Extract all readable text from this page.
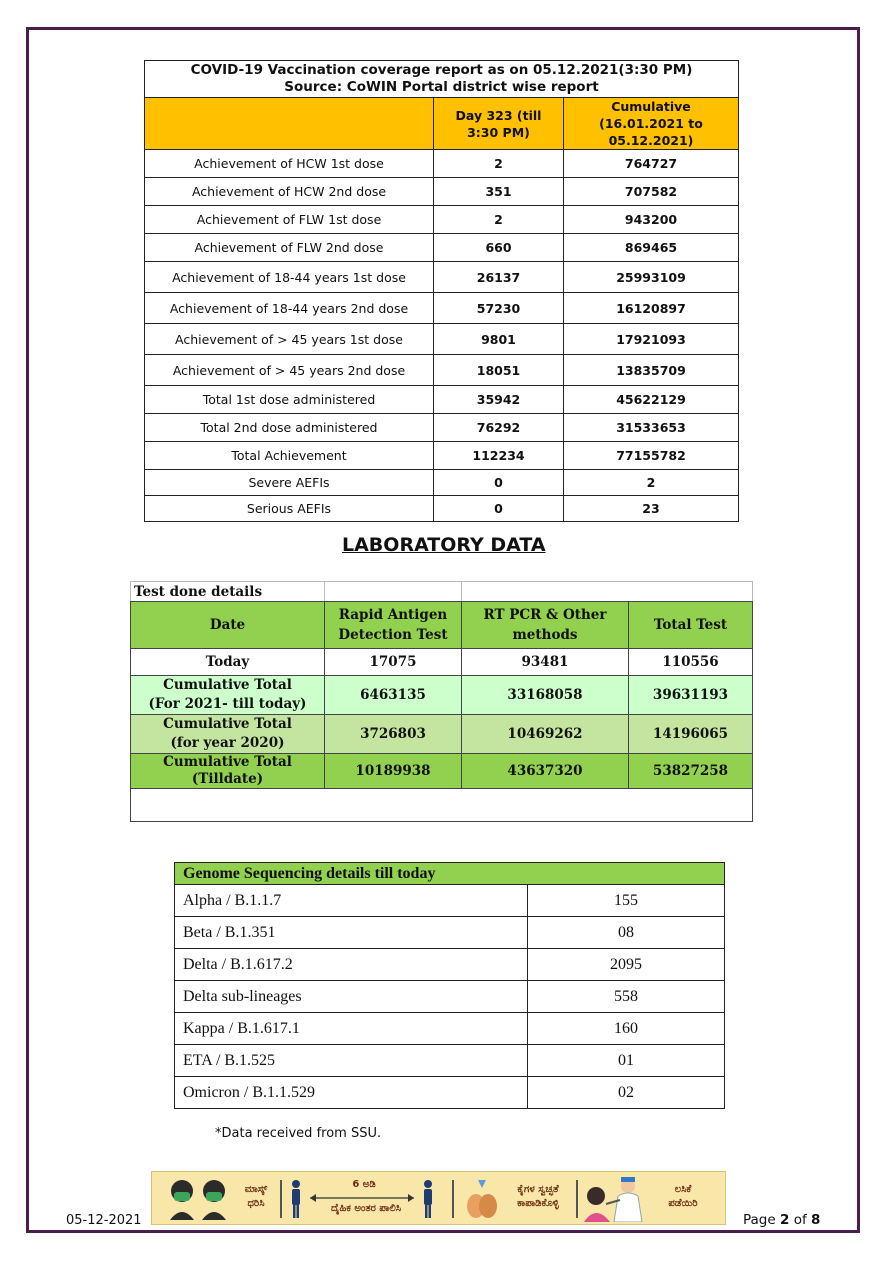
COVID-19 Vaccination coverage report as on 05.12.2021(3:30 PM)
Source: CoWIN Portal district wise report		

	Day 323 (till 3:30 PM)	Cumulative (16.01.2021 to 05.12.2021)
Achievement of HCW 1st dose	2	764727
Achievement of HCW 2nd dose	351	707582
Achievement of FLW 1st dose	2	943200
Achievement of FLW 2nd dose	660	869465
Achievement of 18-44 years 1st dose	26137	25993109
Achievement of 18-44 years 2nd dose	57230	16120897
Achievement of > 45 years 1st dose	9801	17921093
Achievement of > 45 years 2nd dose	18051	13835709
Total 1st dose administered	35942	45622129
Total 2nd dose administered	76292	31533653
Total Achievement	112234	77155782
Severe AEFIs	0	2
Serious AEFIs	0	23
LABORATORY DATA
Test done details			
Date	Rapid Antigen Detection Test	RT PCR & Other methods	Total Test
Today	17075	93481	110556

Cumulative Total
(For 2021- till today)	6463135	33168058	39631193

Cumulative Total
(for year 2020)	3726803	10469262	14196065

Cumulative Total
(Tilldate)	10189938	43637320	53827258

Genome Sequencing details till today	
Alpha / B.1.1.7	155
Beta / B.1.351	08
Delta / B.1.617.2	2095
Delta sub-lineages	558
Kappa / B.1.617.1	160
ETA / B.1.525	01
Omicron / B.1.1.529	02
*Data received from SSU.
05-12-2021	Page 2 of 8
ಮಾಸ್ಕ್
ಧರಿಸಿ
6 ಅಡಿ
ದೈಹಿಕ ಅಂತರ ಪಾಲಿಸಿ
ಕೈಗಳ ಸ್ವಚ್ಛತೆ
ಕಾಪಾಡಿಕೊಳ್ಳಿ
ಲಸಿಕೆ
ಪಡೆಯಿರಿ
